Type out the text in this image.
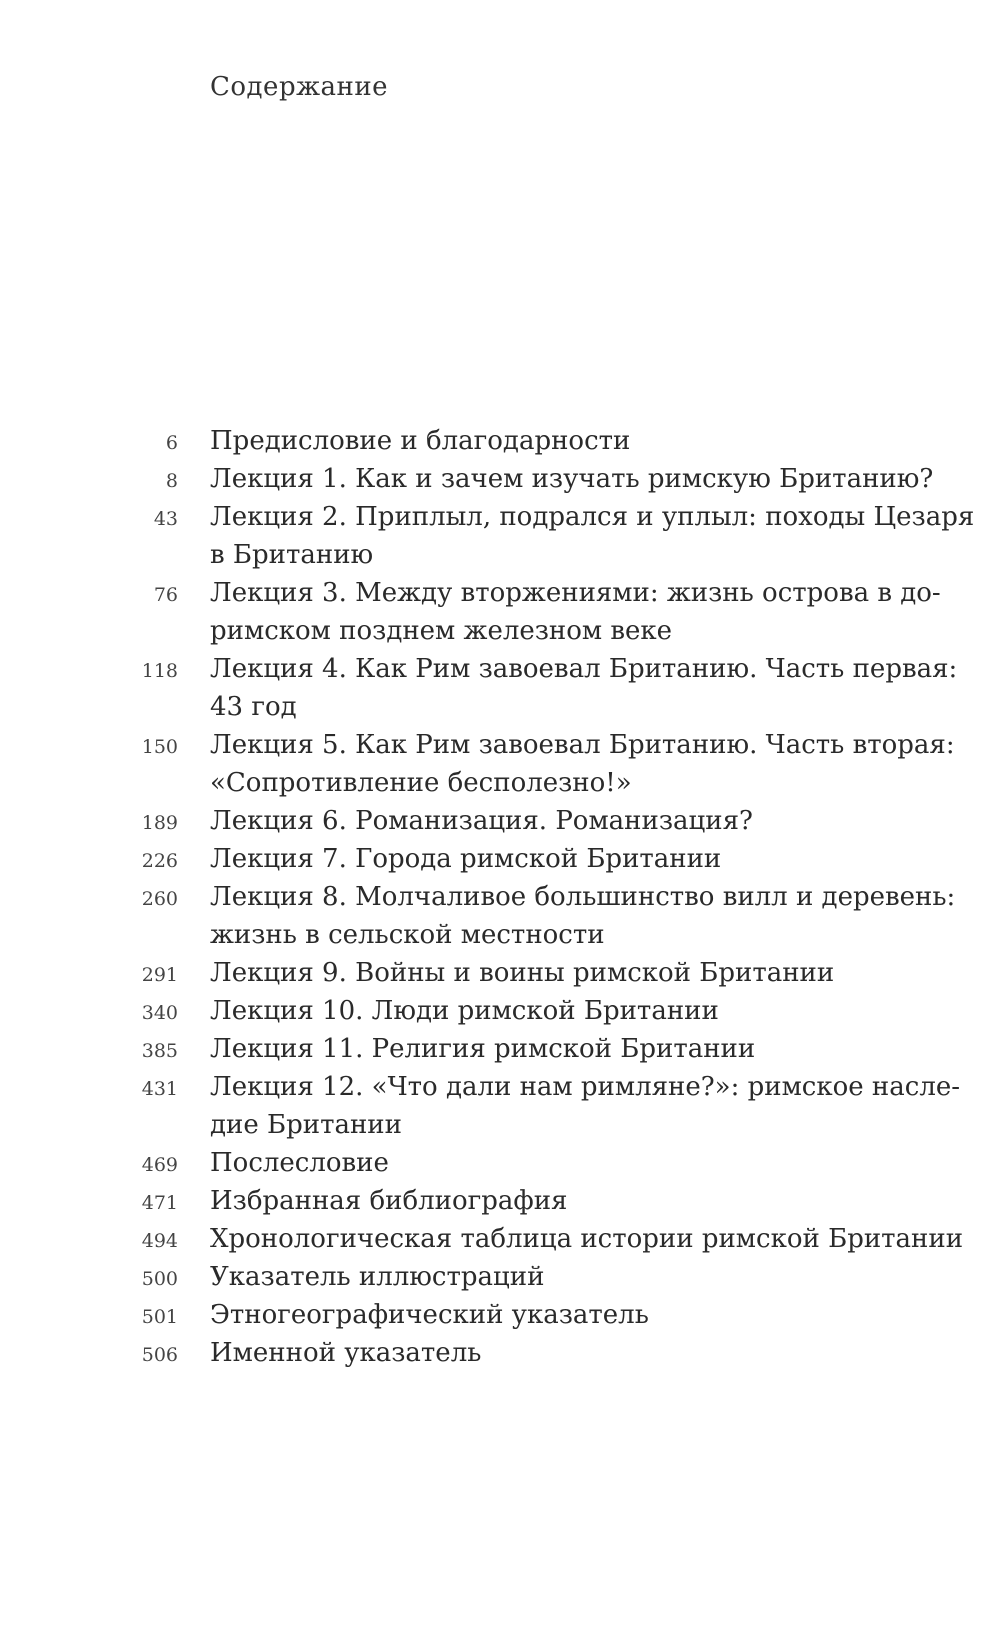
Содержание
6 Предисловие и благодарности
8 Лекция 1. Как и зачем изучать римскую Британию?
43 Лекция 2. Приплыл, подрался и уплыл: походы Цезаря
в Британию
76 Лекция 3. Между вторжениями: жизнь острова в до-
римском позднем железном веке
118 Лекция 4. Как Рим завоевал Британию. Часть первая:
43 год
150 Лекция 5. Как Рим завоевал Британию. Часть вторая:
«Сопротивление бесполезно!»
189 Лекция 6. Романизация. Романизация?
226 Лекция 7. Города римской Британии
260 Лекция 8. Молчаливое большинство вилл и деревень:
жизнь в сельской местности
291 Лекция 9. Войны и воины римской Британии
340 Лекция 10. Люди римской Британии
385 Лекция 11. Религия римской Британии
431 Лекция 12. «Что дали нам римляне?»: римское насле-
дие Британии
469 Послесловие
471 Избранная библиография
494 Хронологическая таблица истории римской Британии
500 Указатель иллюстраций
501 Этногеографический указатель
506 Именной указатель
